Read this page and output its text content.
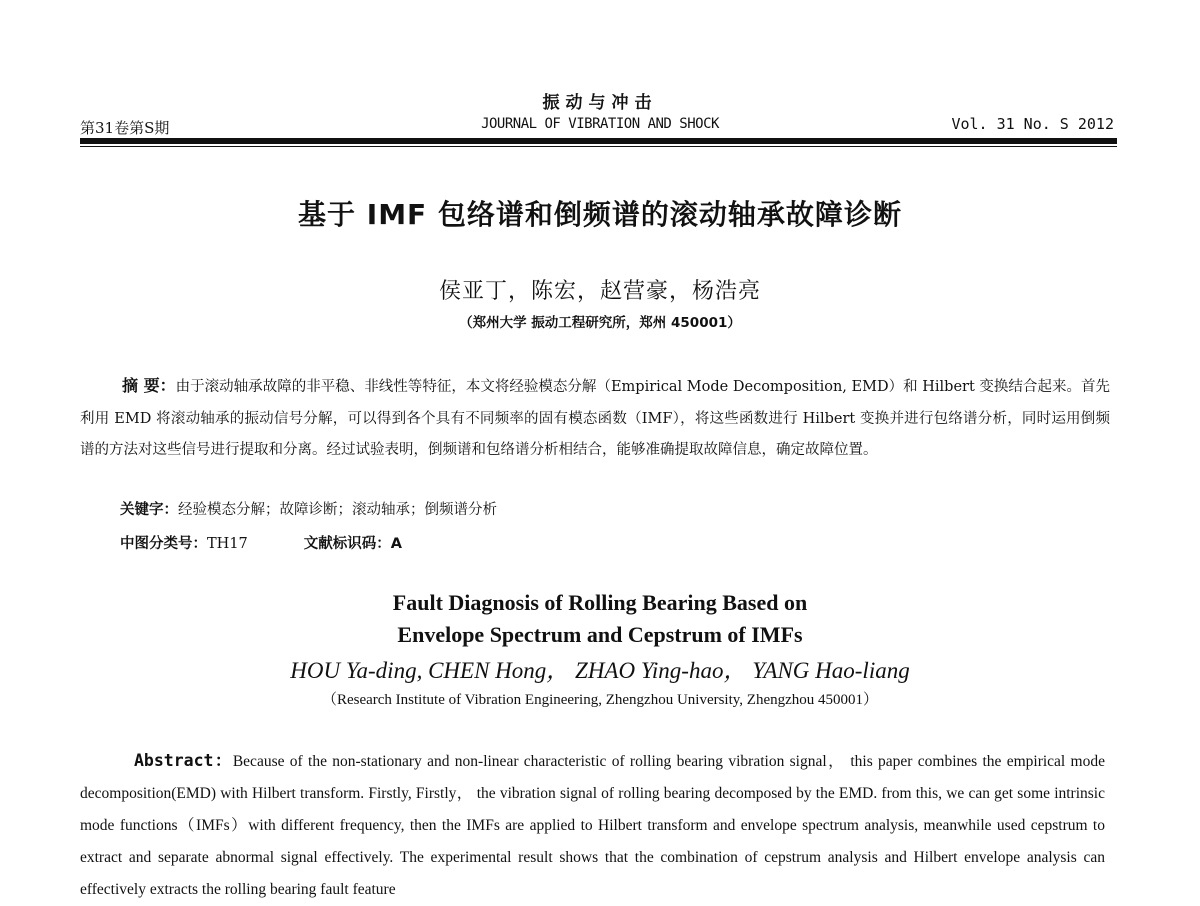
振动与冲击
第31卷第S期	JOURNAL OF VIBRATION AND SHOCK	Vol. 31 No. S 2012
基于 IMF 包络谱和倒频谱的滚动轴承故障诊断
侯亚丁，陈宏，赵营豪，杨浩亮
（郑州大学 振动工程研究所，郑州 450001）
摘 要：由于滚动轴承故障的非平稳、非线性等特征，本文将经验模态分解（Empirical Mode Decomposition, EMD）和 Hilbert 变换结合起来。首先利用 EMD 将滚动轴承的振动信号分解，可以得到各个具有不同频率的固有模态函数（IMF），将这些函数进行 Hilbert 变换并进行包络谱分析，同时运用倒频谱的方法对这些信号进行提取和分离。经过试验表明，倒频谱和包络谱分析相结合，能够准确提取故障信息，确定故障位置。
关键字：经验模态分解；故障诊断；滚动轴承；倒频谱分析
中图分类号：TH17	文献标识码：A
Fault Diagnosis of Rolling Bearing Based on
Envelope Spectrum and Cepstrum of IMFs
HOU Ya-ding, CHEN Hong， ZHAO Ying-hao， YANG Hao-liang
（Research Institute of Vibration Engineering, Zhengzhou University, Zhengzhou 450001）
Abstract：Because of the non-stationary and non-linear characteristic of rolling bearing vibration signal， this paper combines the empirical mode decomposition(EMD) with Hilbert transform. Firstly, Firstly， the vibration signal of rolling bearing decomposed by the EMD. from this, we can get some intrinsic mode functions（IMFs）with different frequency, then the IMFs are applied to Hilbert transform and envelope spectrum analysis, meanwhile used cepstrum to extract and separate abnormal signal effectively. The experimental result shows that the combination of cepstrum analysis and Hilbert envelope analysis can effectively extracts the rolling bearing fault feature
